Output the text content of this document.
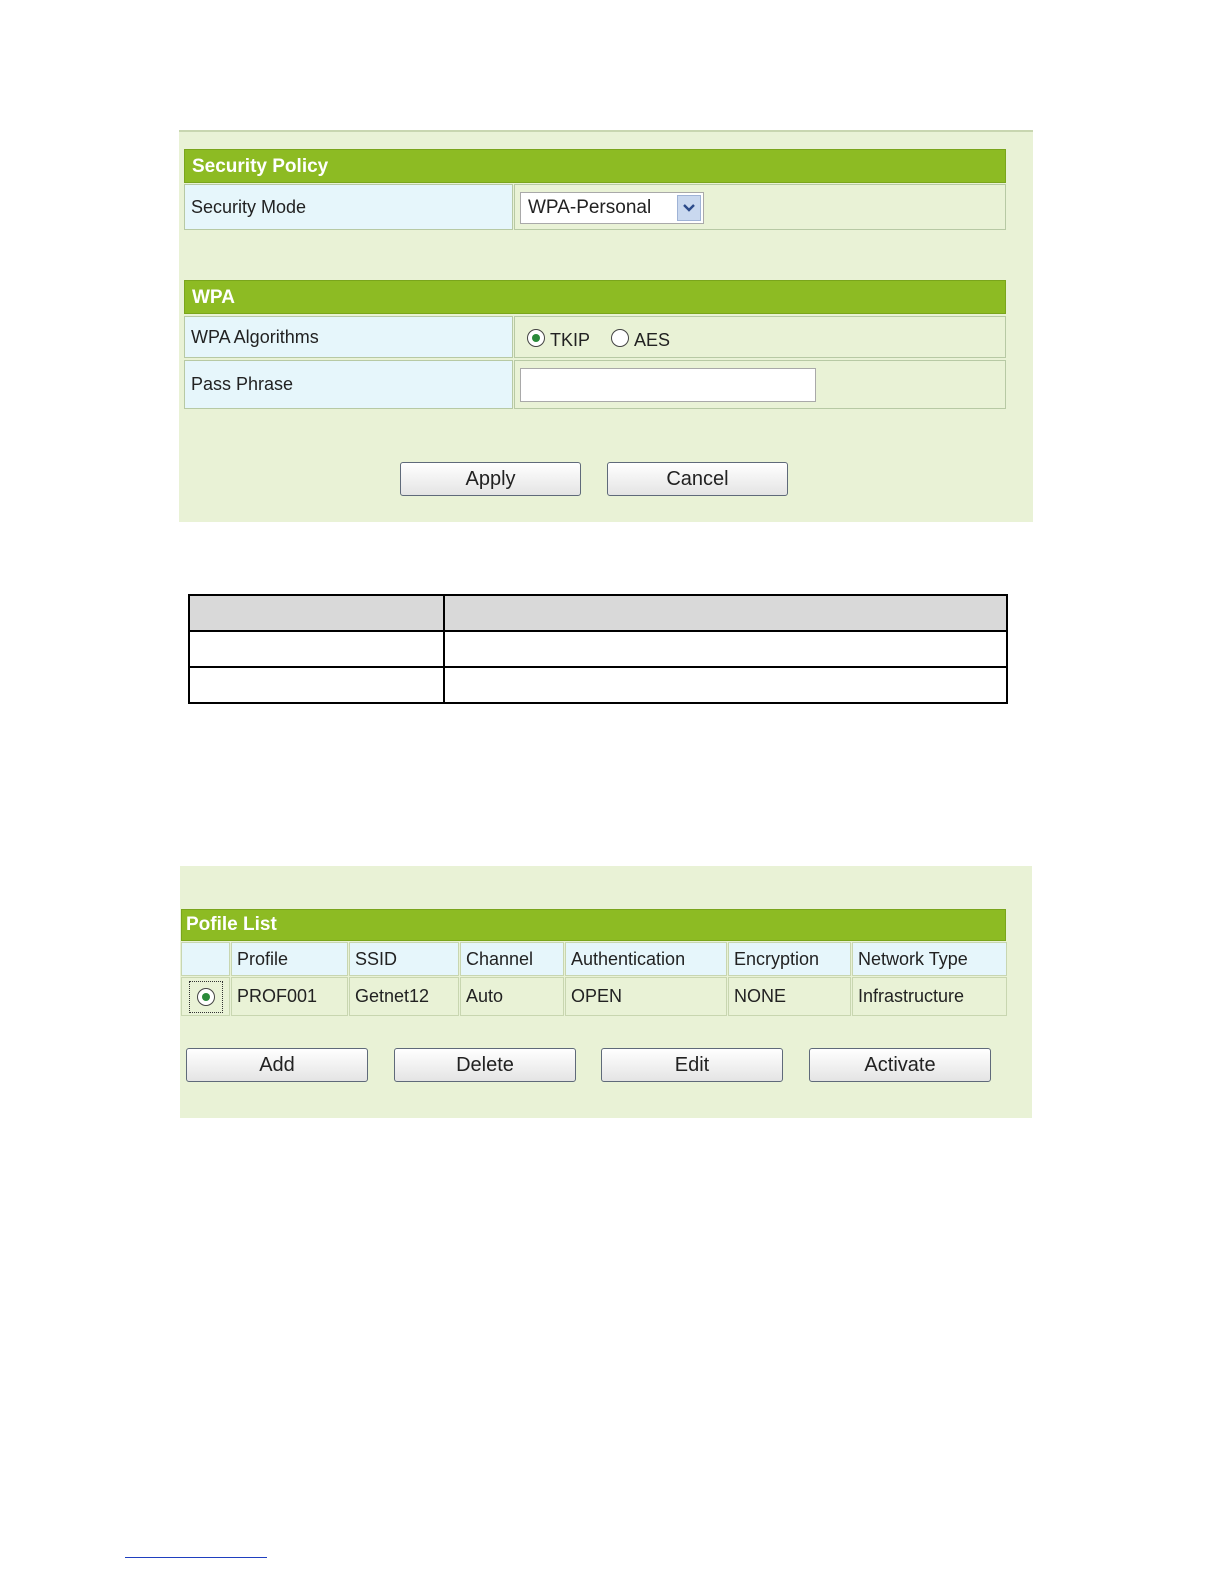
Security Policy
Security Mode	WPA-Personal
WPA
WPA Algorithms	TKIP AES
Pass Phrase
Apply	Cancel

Pofile List
Profile	SSID	Channel	Authentication	Encryption	Network Type
PROF001	Getnet12	Auto	OPEN	NONE	Infrastructure
Add	Delete	Edit	Activate
